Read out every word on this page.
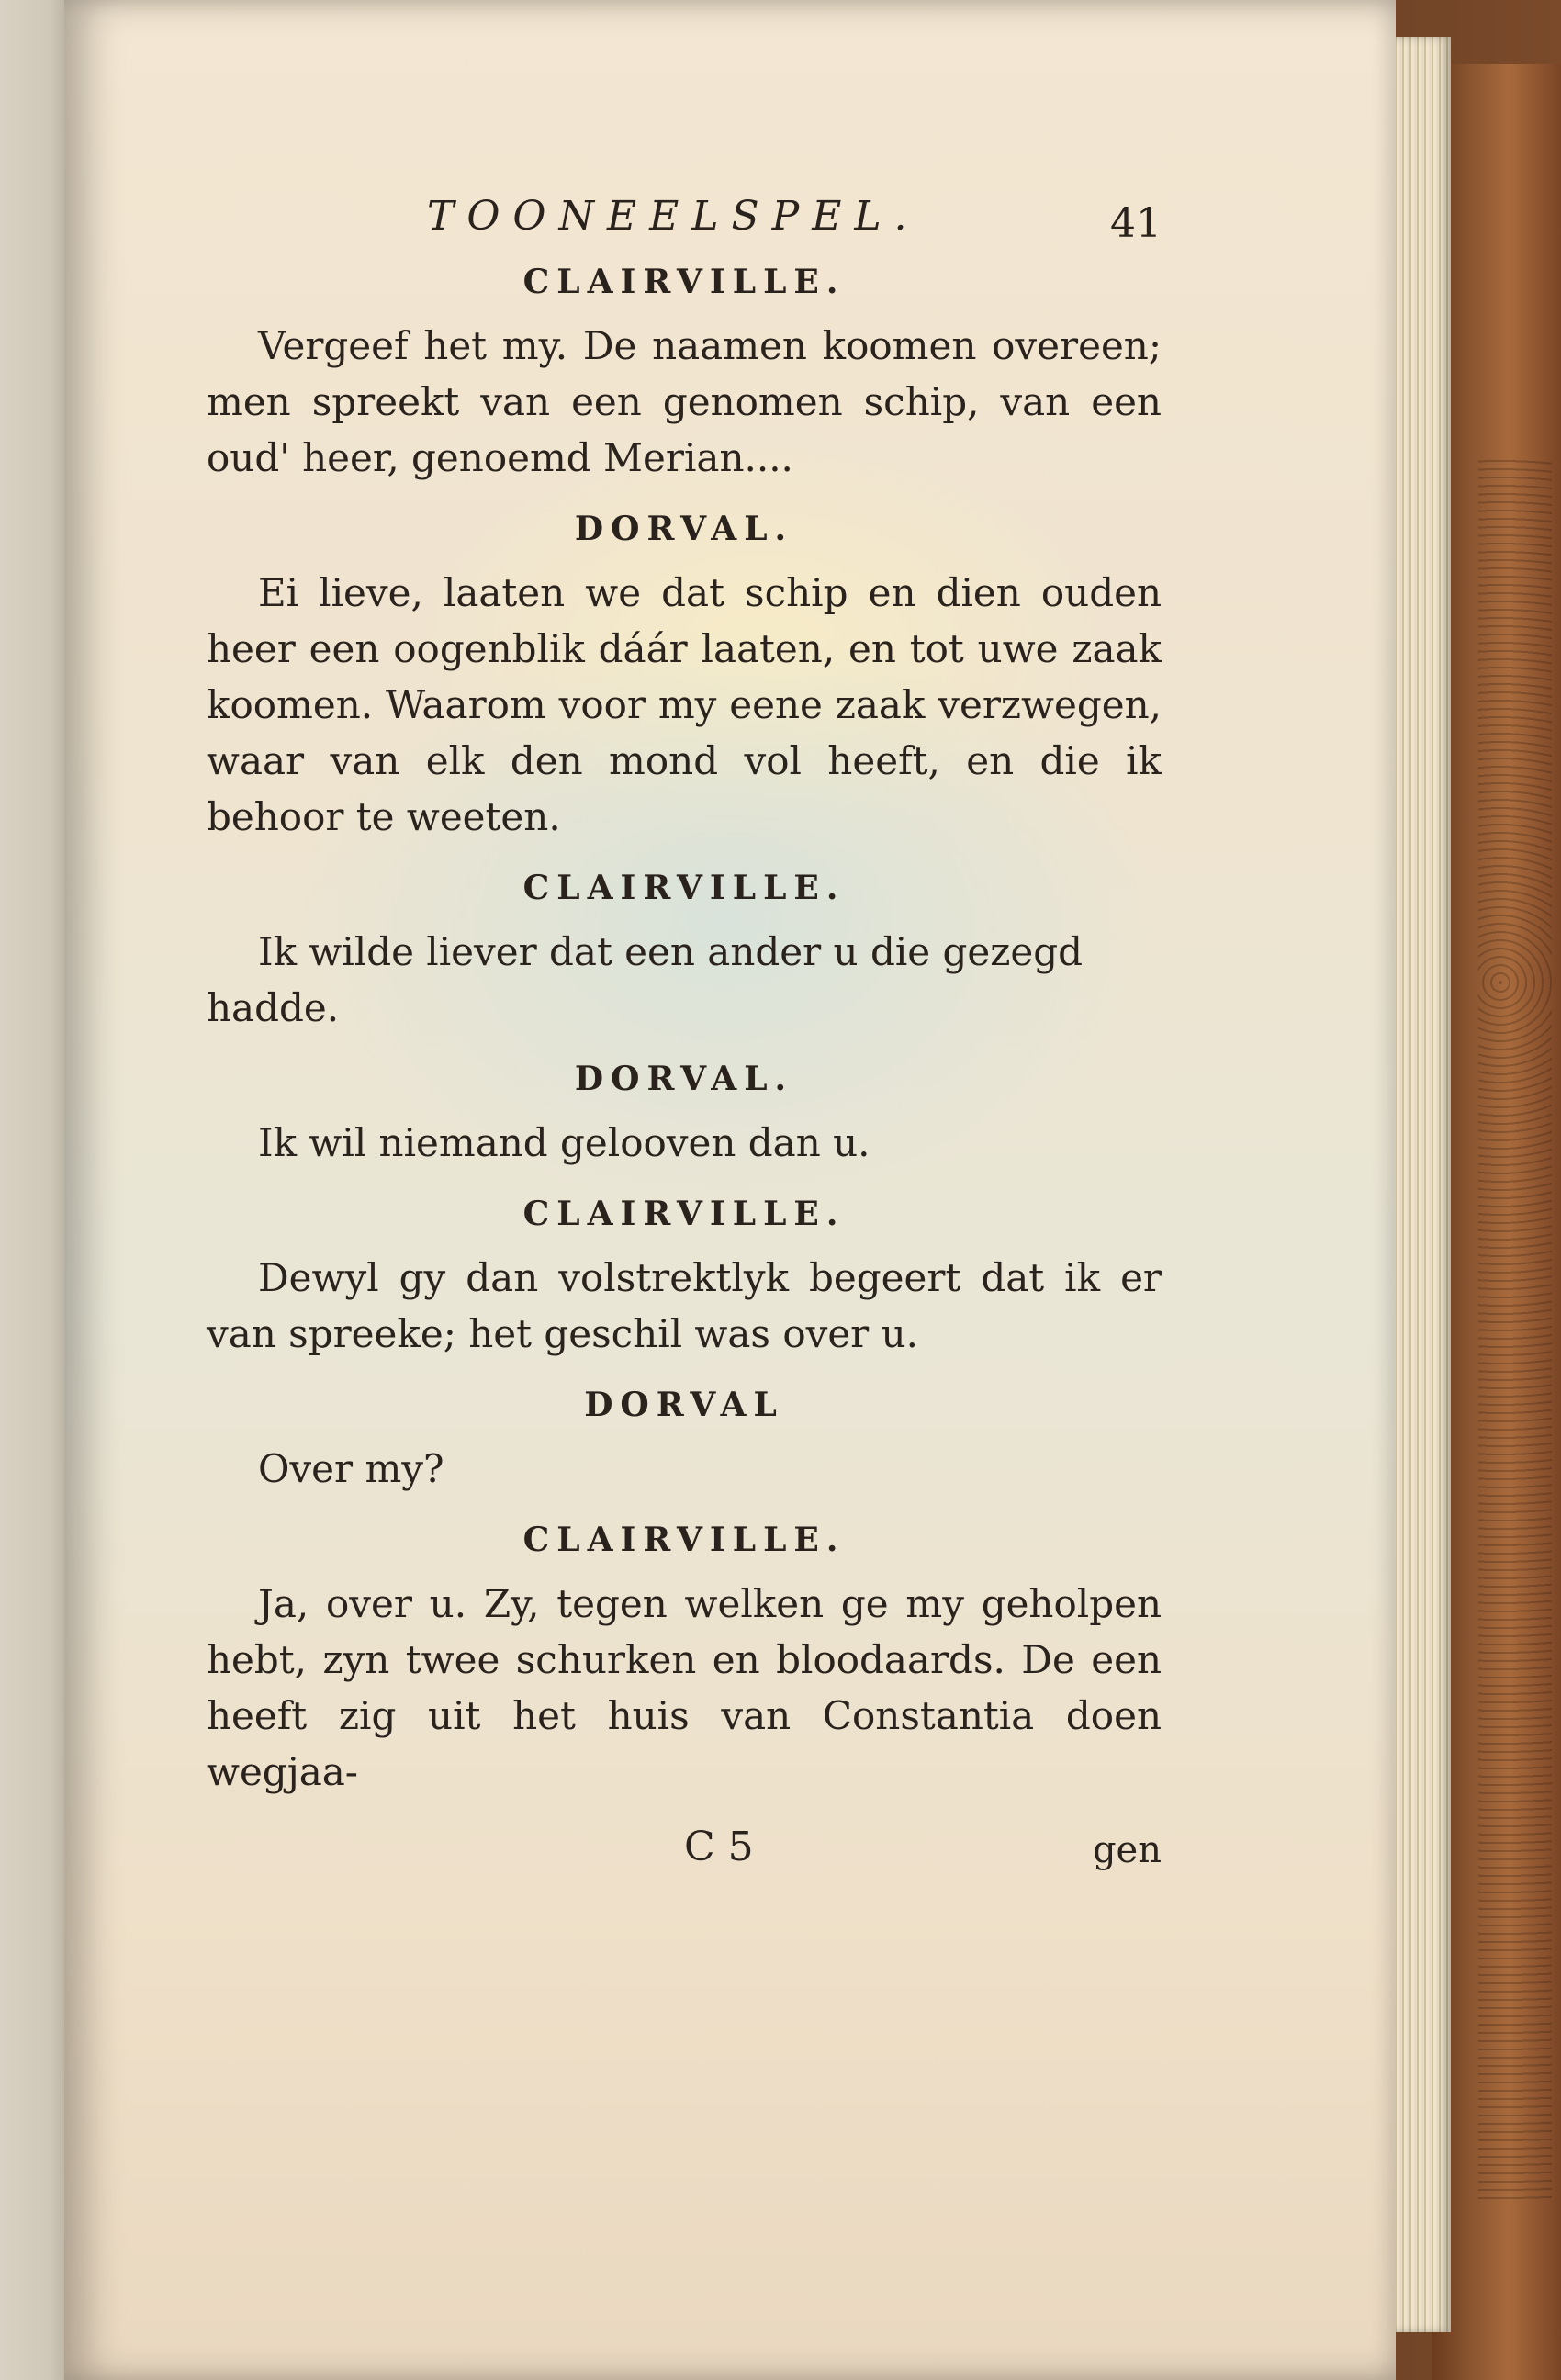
TOONEELSPEL.	41
CLAIRVILLE.

Vergeef het my. De naamen koomen overeen; men spreekt van een genomen schip, van een oud' heer, genoemd Merian....

DORVAL.

Ei lieve, laaten we dat schip en dien ouden heer een oogenblik dáár laaten, en tot uwe zaak koomen. Waarom voor my eene zaak verzwegen, waar van elk den mond vol heeft, en die ik behoor te weeten.

CLAIRVILLE.

Ik wilde liever dat een ander u die gezegd hadde.

DORVAL.

Ik wil niemand gelooven dan u.

CLAIRVILLE.

Dewyl gy dan volstrektlyk begeert dat ik er van spreeke; het geschil was over u.

DORVAL

Over my?

CLAIRVILLE.

Ja, over u. Zy, tegen welken ge my geholpen hebt, zyn twee schurken en bloodaards. De een heeft zig uit het huis van Constantia doen wegjaa-

C 5	gen
